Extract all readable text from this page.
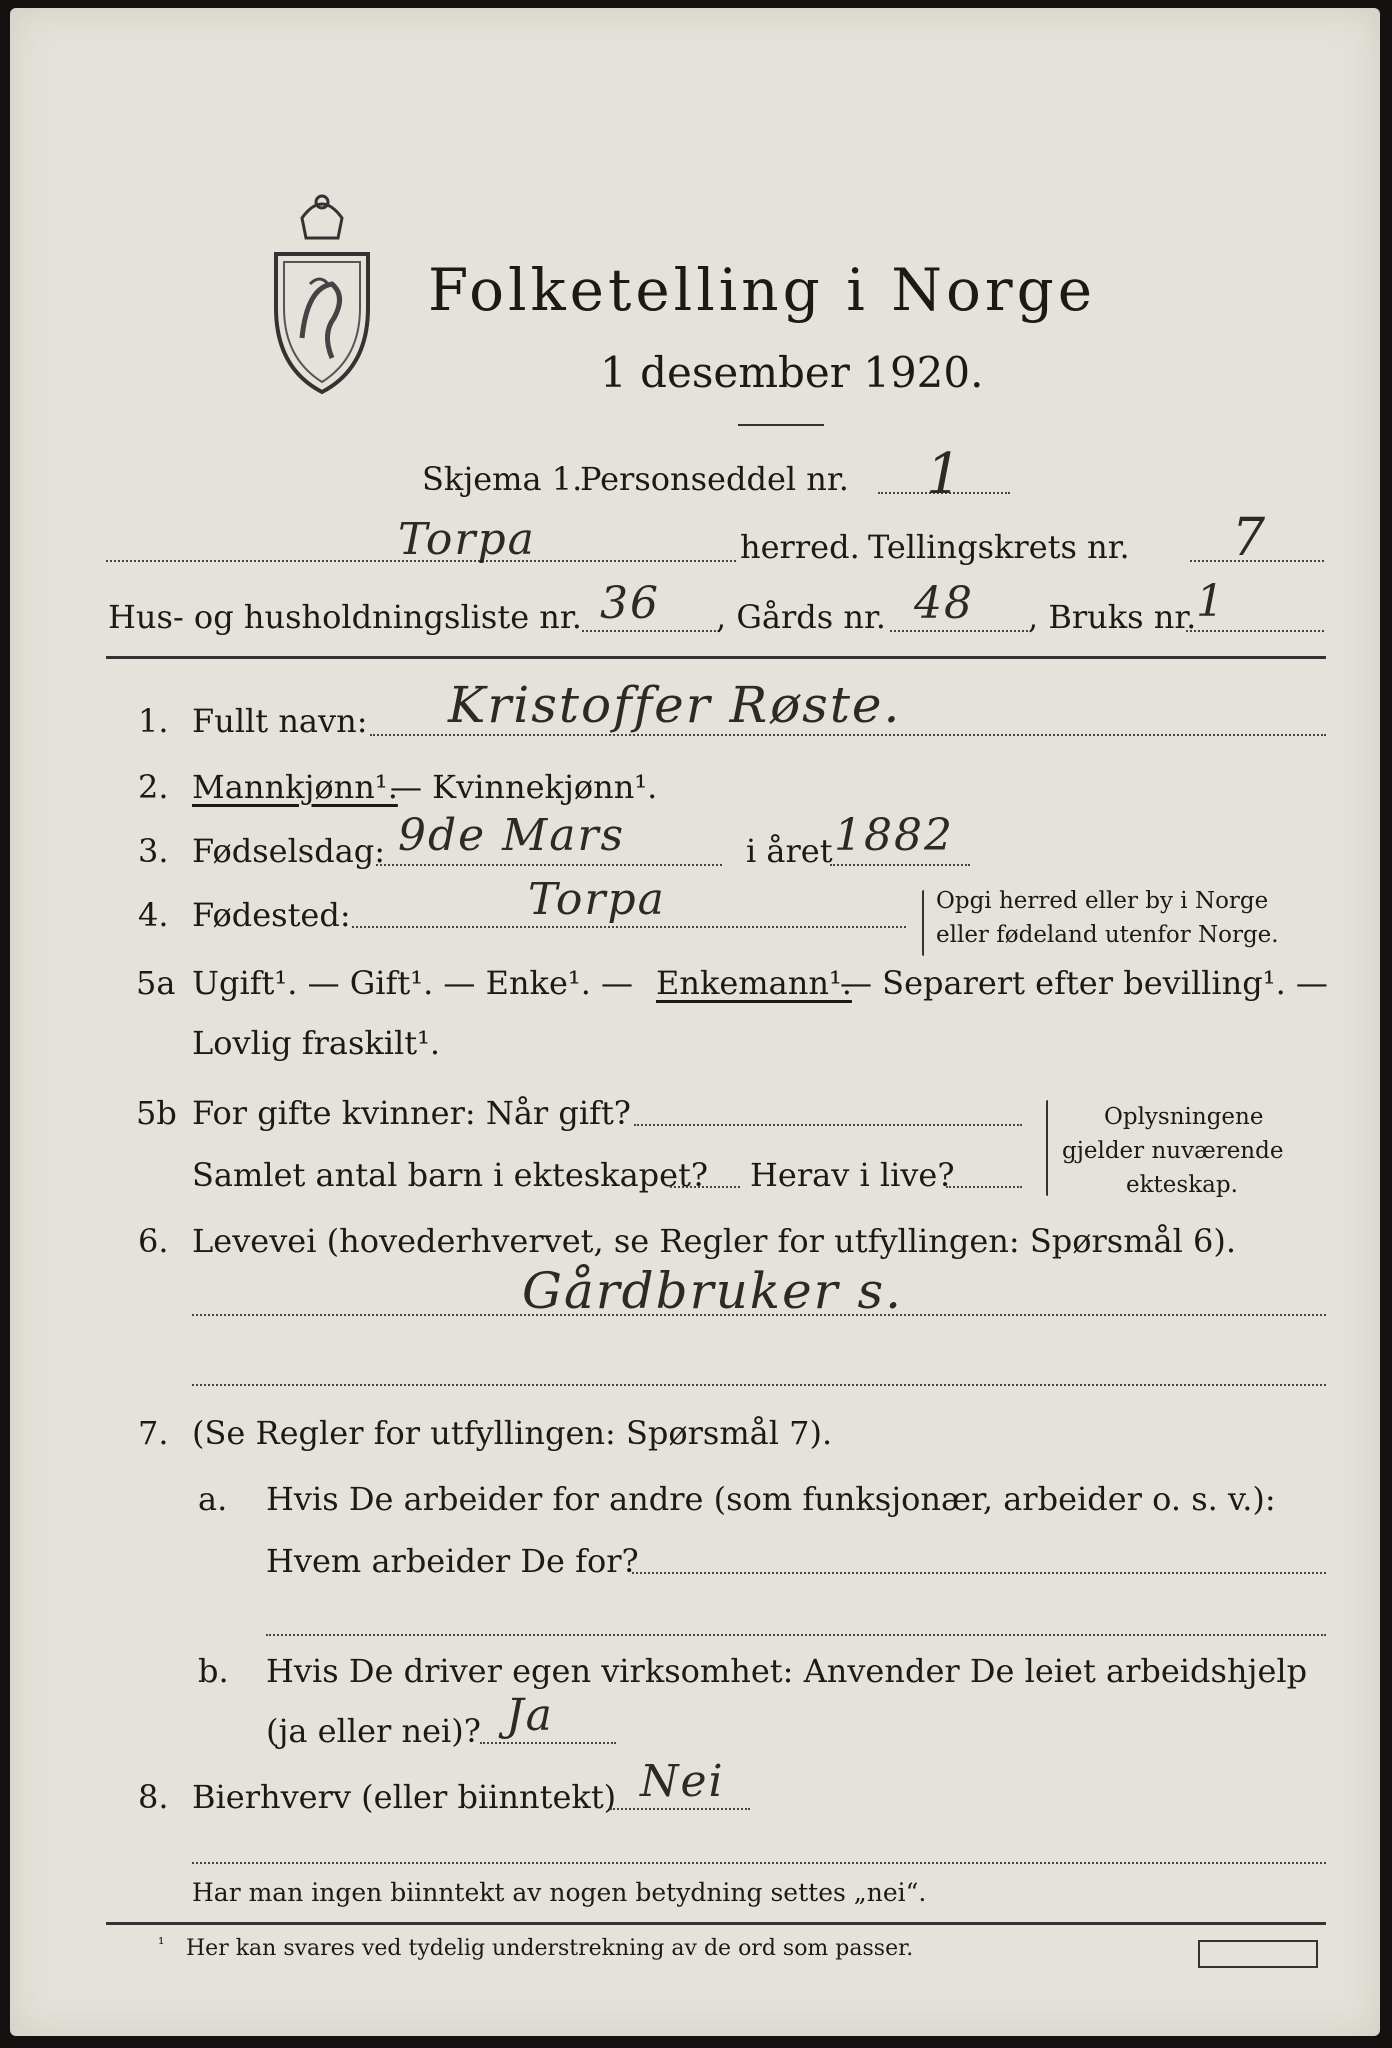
Folketelling i Norge
1 desember 1920.
Skjema 1.
Personseddel nr. 1
Torpa	herred. Tellingskrets nr. 7
Hus- og husholdningsliste nr. 36 , Gårds nr. 48 , Bruks nr. 1
1. Fullt navn: Kristoffer Røste.
2. Mannkjønn¹.
— Kvinnekjønn¹.
3. Fødselsdag: 9de Mars	i året 1882
4. Fødested:	Torpa	Opgi herred eller by i Norge
eller fødeland utenfor Norge.
5a Ugift¹. — Gift¹. — Enke¹. — Enkemann¹.
— Separert efter bevilling¹. —
Lovlig fraskilt¹.
5b For gifte kvinner: Når gift?
Samlet antal barn i ekteskapet? Herav i live?
Oplysningene
gjelder nuværende
ekteskap.
6. Levevei (hovederhvervet, se Regler for utfyllingen: Spørsmål 6).
Gårdbruker s.
7. (Se Regler for utfyllingen: Spørsmål 7).
a. Hvis De arbeider for andre (som funksjonær, arbeider o. s. v.):
Hvem arbeider De for?
b. Hvis De driver egen virksomhet: Anvender De leiet arbeidshjelp
(ja eller nei)? Ja
8. Bierhverv (eller biinntekt) Nei
Har man ingen biinntekt av nogen betydning settes „nei“.
¹ Her kan svares ved tydelig understrekning av de ord som passer.
